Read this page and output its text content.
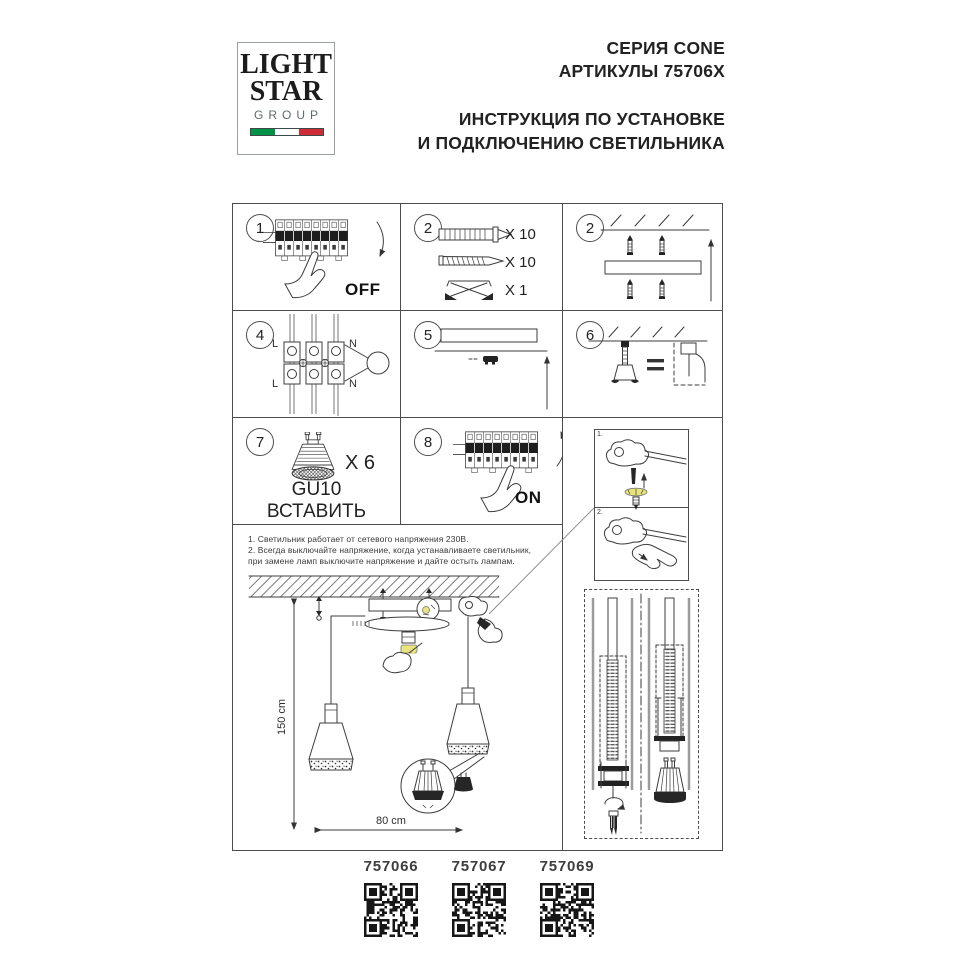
LIGHT
STAR
GROUP
СЕРИЯ CONE
АРТИКУЛЫ 75706X
ИНСТРУКЦИЯ ПО УСТАНОВКЕ
И ПОДКЛЮЧЕНИЮ СВЕТИЛЬНИКА
1
OFF
2	X 10
X 10
X 1
2
4
L	N
L	N
5	6
7
X 6
GU10
ВСТАВИТЬ
8
ON
1.
2.
1. Светильник работает от сетевого напряжения 230В.
2. Всегда выключайте напряжение, когда устанавливаете светильник,
при замене ламп выключите напряжение и дайте остыть лампам.
150 cm
80 cm
757066	757067	757069
